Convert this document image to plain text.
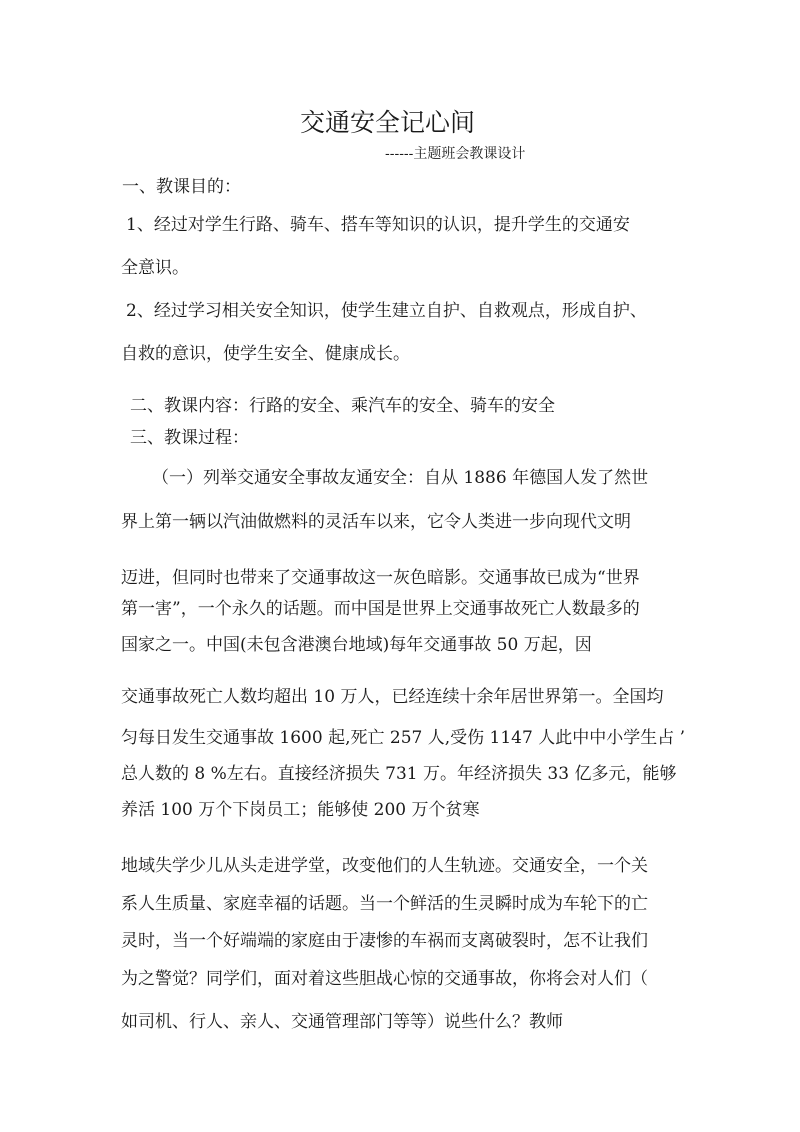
交通安全记心间
------主题班会教课设计
一、教课目的：
1、经过对学生行路、骑车、搭车等知识的认识，提升学生的交通安
全意识。
2、经过学习相关安全知识，使学生建立自护、自救观点，形成自护、
自救的意识，使学生安全、健康成长。
二、教课内容：行路的安全、乘汽车的安全、骑车的安全
三、教课过程：
（一）列举交通安全事故友通安全：自从 1886 年德国人发了然世
界上第一辆以汽油做燃料的灵活车以来，它令人类进一步向现代文明
迈进，但同时也带来了交通事故这一灰色暗影。交通事故已成为“世界
第一害”，一个永久的话题。而中国是世界上交通事故死亡人数最多的
国家之一。中国(未包含港澳台地域)每年交通事故 50 万起，因
交通事故死亡人数均超出 10 万人，已经连续十余年居世界第一。全国均
匀每日发生交通事故 1600 起,死亡 257 人,受伤 1147 人此中中小学生占 ’
总人数的 8 %左右。直接经济损失 731 万。年经济损失 33 亿多元，能够
养活 100 万个下岗员工；能够使 200 万个贫寒
地域失学少儿从头走进学堂，改变他们的人生轨迹。交通安全，一个关
系人生质量、家庭幸福的话题。当一个鲜活的生灵瞬时成为车轮下的亡
灵时，当一个好端端的家庭由于凄惨的车祸而支离破裂时，怎不让我们
为之警觉？同学们，面对着这些胆战心惊的交通事故，你将会对人们（
如司机、行人、亲人、交通管理部门等等）说些什么？教师
